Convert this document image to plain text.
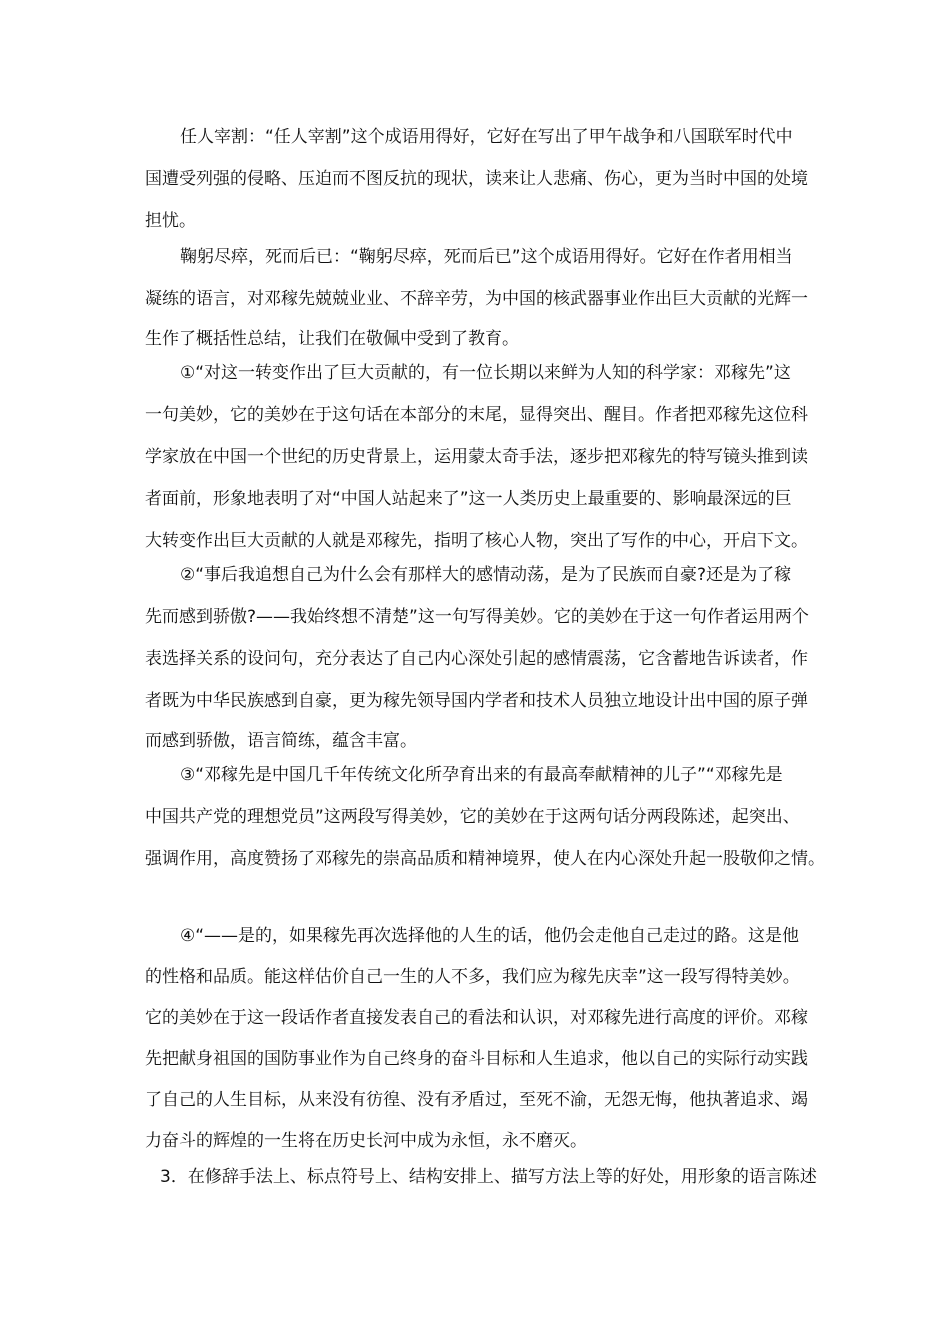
任人宰割：“任人宰割”这个成语用得好，它好在写出了甲午战争和八国联军时代中
国遭受列强的侵略、压迫而不图反抗的现状，读来让人悲痛、伤心，更为当时中国的处境
担忧。
鞠躬尽瘁，死而后已：“鞠躬尽瘁，死而后已”这个成语用得好。它好在作者用相当
凝练的语言，对邓稼先兢兢业业、不辞辛劳，为中国的核武器事业作出巨大贡献的光辉一
生作了概括性总结，让我们在敬佩中受到了教育。
①“对这一转变作出了巨大贡献的，有一位长期以来鲜为人知的科学家：邓稼先”这
一句美妙，它的美妙在于这句话在本部分的末尾，显得突出、醒目。作者把邓稼先这位科
学家放在中国一个世纪的历史背景上，运用蒙太奇手法，逐步把邓稼先的特写镜头推到读
者面前，形象地表明了对“中国人站起来了”这一人类历史上最重要的、影响最深远的巨
大转变作出巨大贡献的人就是邓稼先，指明了核心人物，突出了写作的中心，开启下文。
②“事后我追想自己为什么会有那样大的感情动荡，是为了民族而自豪?还是为了稼
先而感到骄傲?——我始终想不清楚”这一句写得美妙。它的美妙在于这一句作者运用两个
表选择关系的设问句，充分表达了自己内心深处引起的感情震荡，它含蓄地告诉读者，作
者既为中华民族感到自豪，更为稼先领导国内学者和技术人员独立地设计出中国的原子弹
而感到骄傲，语言简练，蕴含丰富。
③“邓稼先是中国几千年传统文化所孕育出来的有最高奉献精神的儿子”“邓稼先是
中国共产党的理想党员”这两段写得美妙，它的美妙在于这两句话分两段陈述，起突出、
强调作用，高度赞扬了邓稼先的崇高品质和精神境界，使人在内心深处升起一股敬仰之情。
④“——是的，如果稼先再次选择他的人生的话，他仍会走他自己走过的路。这是他
的性格和品质。能这样估价自己一生的人不多，我们应为稼先庆幸”这一段写得特美妙。
它的美妙在于这一段话作者直接发表自己的看法和认识，对邓稼先进行高度的评价。邓稼
先把献身祖国的国防事业作为自己终身的奋斗目标和人生追求，他以自己的实际行动实践
了自己的人生目标，从来没有彷徨、没有矛盾过，至死不渝，无怨无悔，他执著追求、竭
力奋斗的辉煌的一生将在历史长河中成为永恒，永不磨灭。
3．在修辞手法上、标点符号上、结构安排上、描写方法上等的好处，用形象的语言陈述
